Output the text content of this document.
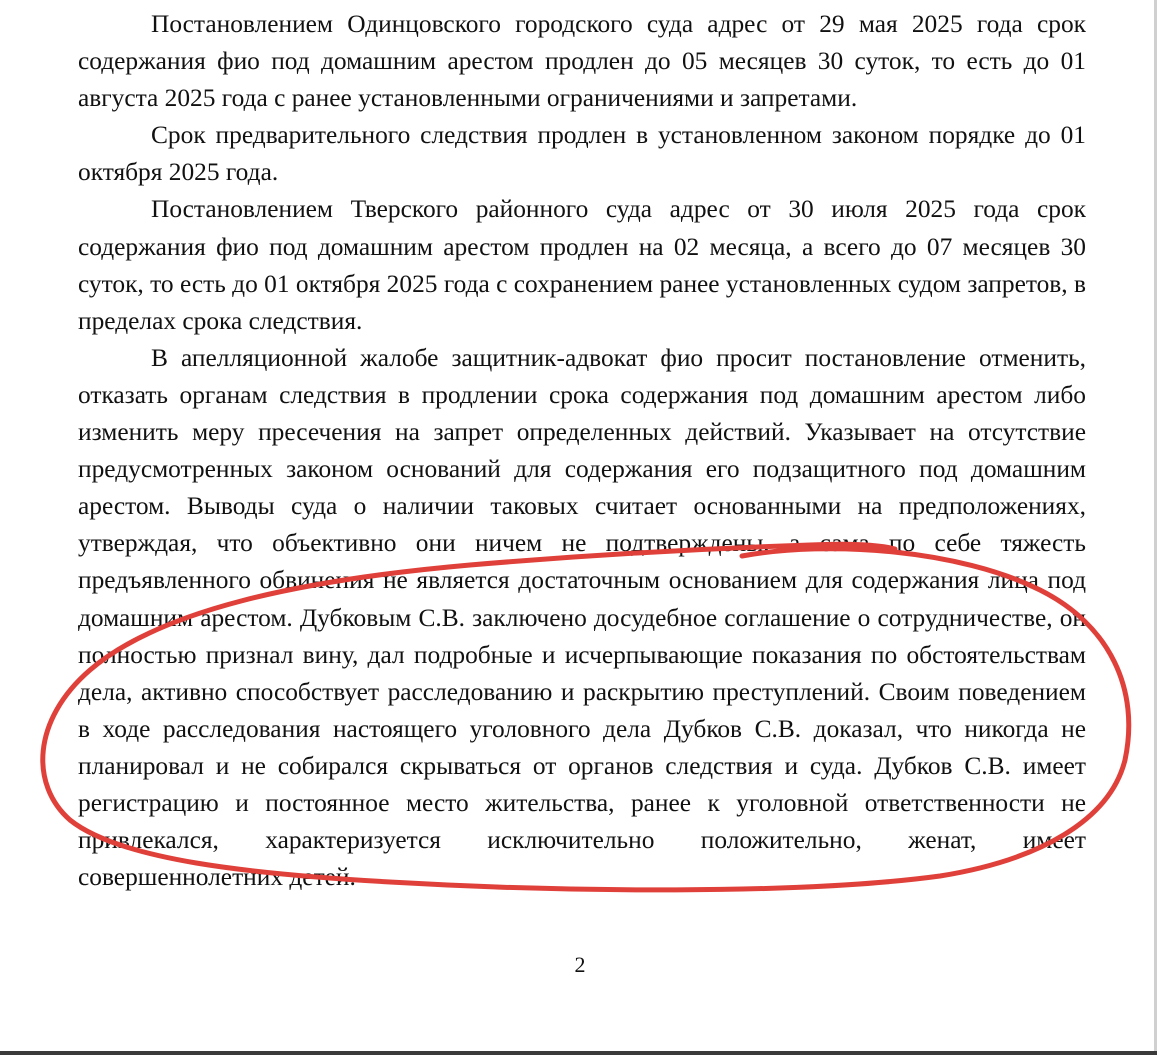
Постановлением Одинцовского городского суда адрес от 29 мая 2025 года срок содержания фио под домашним арестом продлен до 05 месяцев 30 суток, то есть до 01 августа 2025 года с ранее установленными ограничениями и запретами.

Срок предварительного следствия продлен в установленном законом порядке до 01 октября 2025 года.

Постановлением Тверского районного суда адрес от 30 июля 2025 года срок содержания фио под домашним арестом продлен на 02 месяца, а всего до 07 месяцев 30 суток, то есть до 01 октября 2025 года с сохранением ранее установленных судом запретов, в пределах срока следствия.

В апелляционной жалобе защитник-адвокат фио просит постановление отменить, отказать органам следствия в продлении срока содержания под домашним арестом либо изменить меру пресечения на запрет определенных действий. Указывает на отсутствие предусмотренных законом оснований для содержания его подзащитного под домашним арестом. Выводы суда о наличии таковых считает основанными на предположениях, утверждая, что объективно они ничем не подтверждены, а сама по себе тяжесть предъявленного обвинения не является достаточным основанием для содержания лица под домашним арестом. Дубковым С.В. заключено досудебное соглашение о сотрудничестве, он полностью признал вину, дал подробные и исчерпывающие показания по обстоятельствам дела, активно способствует расследованию и раскрытию преступлений. Своим поведением в ходе расследования настоящего уголовного дела Дубков С.В. доказал, что никогда не планировал и не собирался скрываться от органов следствия и суда. Дубков С.В. имеет регистрацию и постоянное место жительства, ранее к уголовной ответственности не привлекался, характеризуется исключительно положительно, женат, имеет совершеннолетних детей.

2
